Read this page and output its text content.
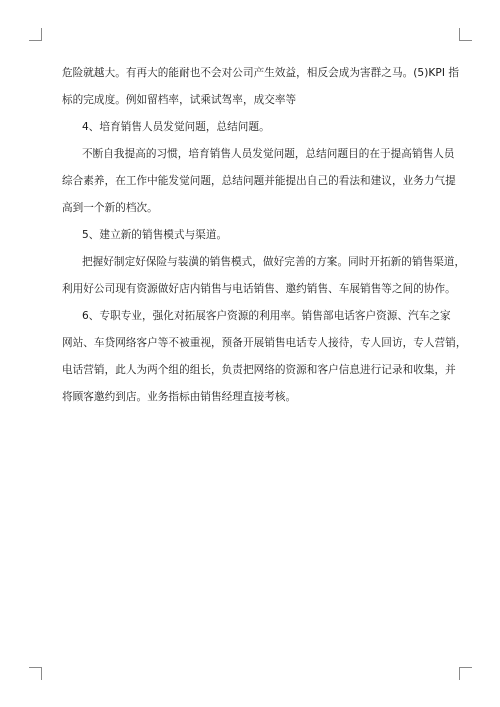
危险就越大。有再大的能耐也不会对公司产生效益，相反会成为害群之马。(5)KPI 指
标的完成度。例如留档率，试乘试驾率，成交率等
4、培育销售人员发觉问题，总结问题。
不断自我提高的习惯，培育销售人员发觉问题，总结问题目的在于提高销售人员
综合素养，在工作中能发觉问题，总结问题并能提出自己的看法和建议，业务力气提
高到一个新的档次。
5、建立新的销售模式与渠道。
把握好制定好保险与装潢的销售模式，做好完善的方案。同时开拓新的销售渠道，
利用好公司现有资源做好店内销售与电话销售、邀约销售、车展销售等之间的协作。
6、专职专业，强化对拓展客户资源的利用率。销售部电话客户资源、汽车之家
网站、车贷网络客户等不被重视，预备开展销售电话专人接待，专人回访，专人营销，
电话营销，此人为两个组的组长，负责把网络的资源和客户信息进行记录和收集，并
将顾客邀约到店。业务指标由销售经理直接考核。
